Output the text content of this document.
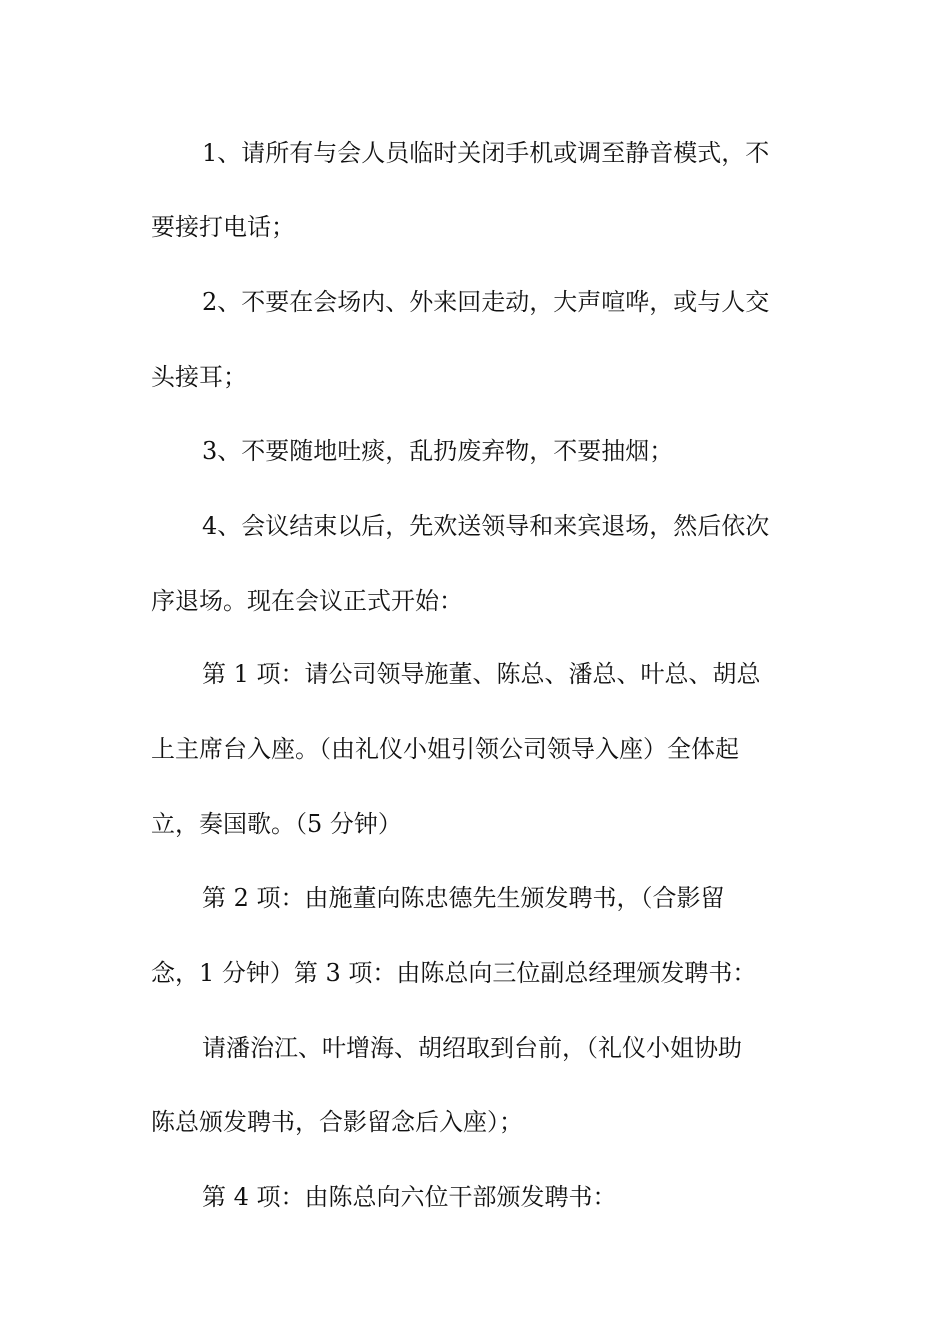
1、请所有与会人员临时关闭手机或调至静音模式，不
要接打电话；
2、不要在会场内、外来回走动，大声喧哗，或与人交
头接耳；
3、不要随地吐痰，乱扔废弃物，不要抽烟；
4、会议结束以后，先欢送领导和来宾退场，然后依次
序退场。现在会议正式开始：
第 1 项：请公司领导施董、陈总、潘总、叶总、胡总
上主席台入座。（由礼仪小姐引领公司领导入座）全体起
立，奏国歌。（5 分钟）
第 2 项：由施董向陈忠德先生颁发聘书，（合影留
念，1 分钟）第 3 项：由陈总向三位副总经理颁发聘书：
请潘治江、叶增海、胡绍取到台前，（礼仪小姐协助
陈总颁发聘书，合影留念后入座）；
第 4 项：由陈总向六位干部颁发聘书：
